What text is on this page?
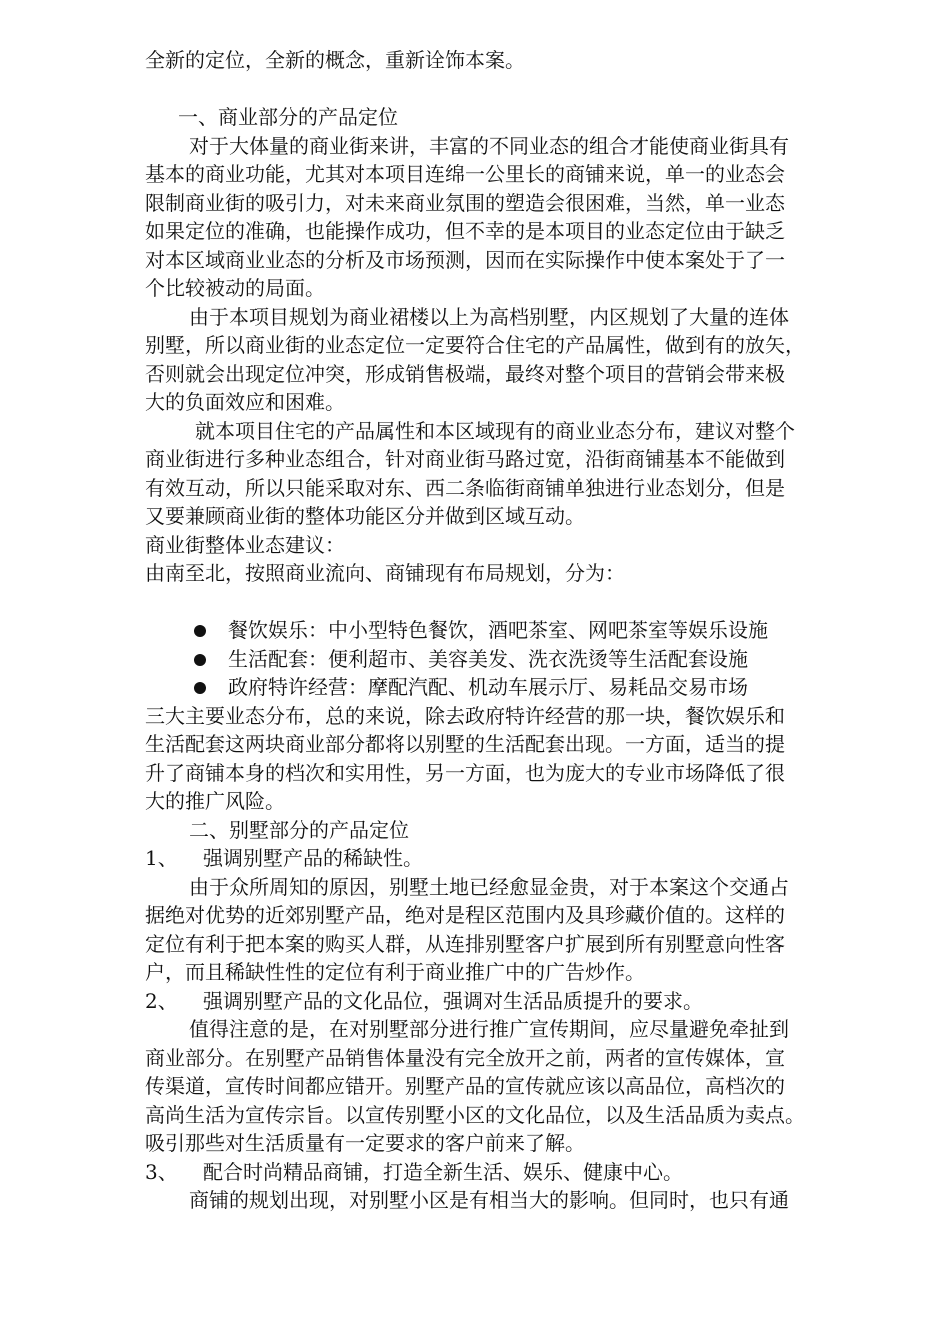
全新的定位，全新的概念，重新诠饰本案。

一、商业部分的产品定位

对于大体量的商业街来讲，丰富的不同业态的组合才能使商业街具有

基本的商业功能，尤其对本项目连绵一公里长的商铺来说，单一的业态会

限制商业街的吸引力，对未来商业氛围的塑造会很困难，当然，单一业态

如果定位的准确，也能操作成功，但不幸的是本项目的业态定位由于缺乏

对本区域商业业态的分析及市场预测，因而在实际操作中使本案处于了一

个比较被动的局面。

由于本项目规划为商业裙楼以上为高档别墅，内区规划了大量的连体

别墅，所以商业街的业态定位一定要符合住宅的产品属性，做到有的放矢，

否则就会出现定位冲突，形成销售极端，最终对整个项目的营销会带来极

大的负面效应和困难。

就本项目住宅的产品属性和本区域现有的商业业态分布，建议对整个

商业街进行多种业态组合，针对商业街马路过宽，沿街商铺基本不能做到

有效互动，所以只能采取对东、西二条临街商铺单独进行业态划分，但是

又要兼顾商业街的整体功能区分并做到区域互动。

商业街整体业态建议：

由南至北，按照商业流向、商铺现有布局规划，分为：

餐饮娱乐：中小型特色餐饮，酒吧茶室、网吧茶室等娱乐设施
生活配套：便利超市、美容美发、洗衣洗烫等生活配套设施
政府特许经营：摩配汽配、机动车展示厅、易耗品交易市场

三大主要业态分布，总的来说，除去政府特许经营的那一块，餐饮娱乐和

生活配套这两块商业部分都将以别墅的生活配套出现。一方面，适当的提

升了商铺本身的档次和实用性，另一方面，也为庞大的专业市场降低了很

大的推广风险。

二、别墅部分的产品定位

1、 强调别墅产品的稀缺性。

由于众所周知的原因，别墅土地已经愈显金贵，对于本案这个交通占

据绝对优势的近郊别墅产品，绝对是程区范围内及具珍藏价值的。这样的

定位有利于把本案的购买人群，从连排别墅客户扩展到所有别墅意向性客

户，而且稀缺性性的定位有利于商业推广中的广告炒作。

2、 强调别墅产品的文化品位，强调对生活品质提升的要求。

值得注意的是，在对别墅部分进行推广宣传期间，应尽量避免牵扯到

商业部分。在别墅产品销售体量没有完全放开之前，两者的宣传媒体，宣

传渠道，宣传时间都应错开。别墅产品的宣传就应该以高品位，高档次的

高尚生活为宣传宗旨。以宣传别墅小区的文化品位，以及生活品质为卖点。

吸引那些对生活质量有一定要求的客户前来了解。

3、 配合时尚精品商铺，打造全新生活、娱乐、健康中心。

商铺的规划出现，对别墅小区是有相当大的影响。但同时，也只有通
